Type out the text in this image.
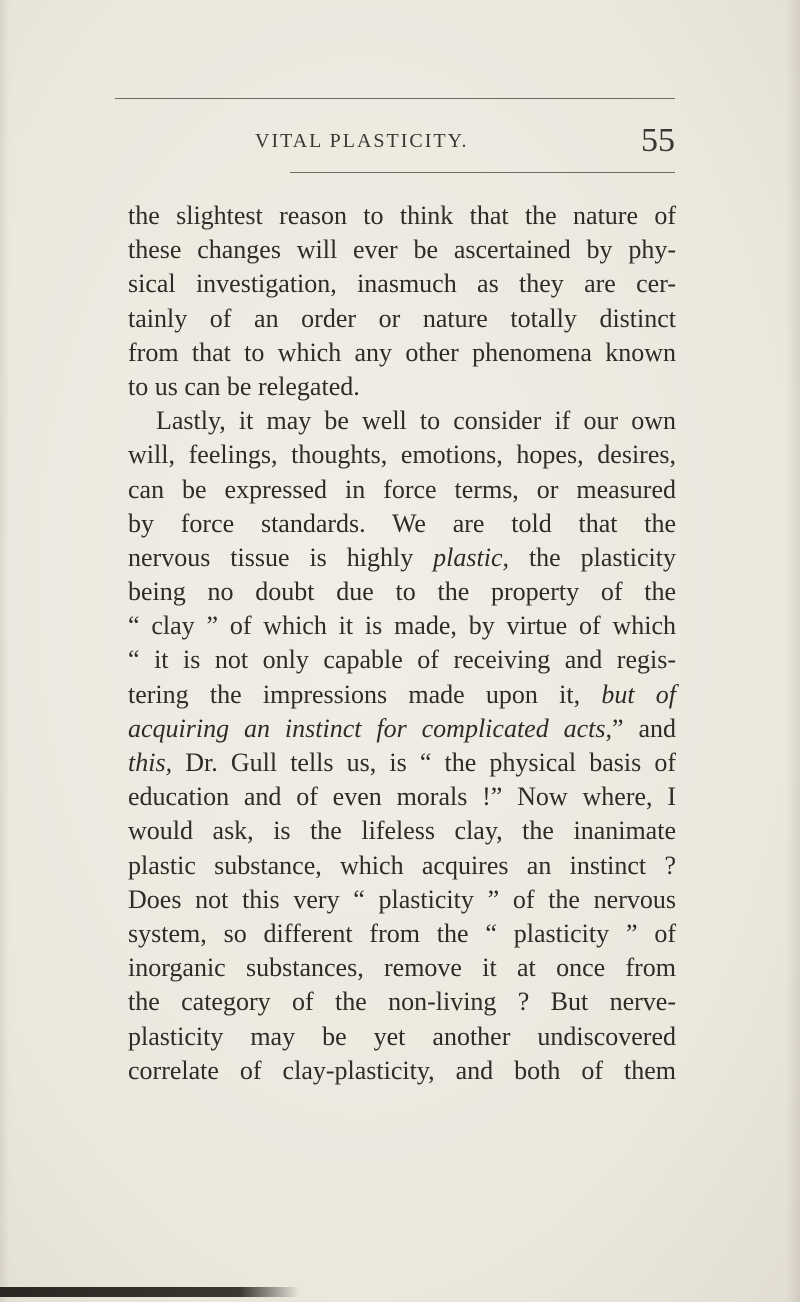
VITAL PLASTICITY.	55
the slightest reason to think that the nature of
these changes will ever be ascertained by phy-
sical investigation, inasmuch as they are cer-
tainly of an order or nature totally distinct
from that to which any other phenomena known
to us can be relegated.
Lastly, it may be well to consider if our own
will, feelings, thoughts, emotions, hopes, desires,
can be expressed in force terms, or measured
by force standards. We are told that the
nervous tissue is highly plastic, the plasticity
being no doubt due to the property of the
“ clay ” of which it is made, by virtue of which
“ it is not only capable of receiving and regis-
tering the impressions made upon it, but of
acquiring an instinct for complicated acts,” and
this, Dr. Gull tells us, is “ the physical basis of
education and of even morals !” Now where, I
would ask, is the lifeless clay, the inanimate
plastic substance, which acquires an instinct ?
Does not this very “ plasticity ” of the nervous
system, so different from the “ plasticity ” of
inorganic substances, remove it at once from
the category of the non-living ? But nerve-
plasticity may be yet another undiscovered
correlate of clay-plasticity, and both of them
